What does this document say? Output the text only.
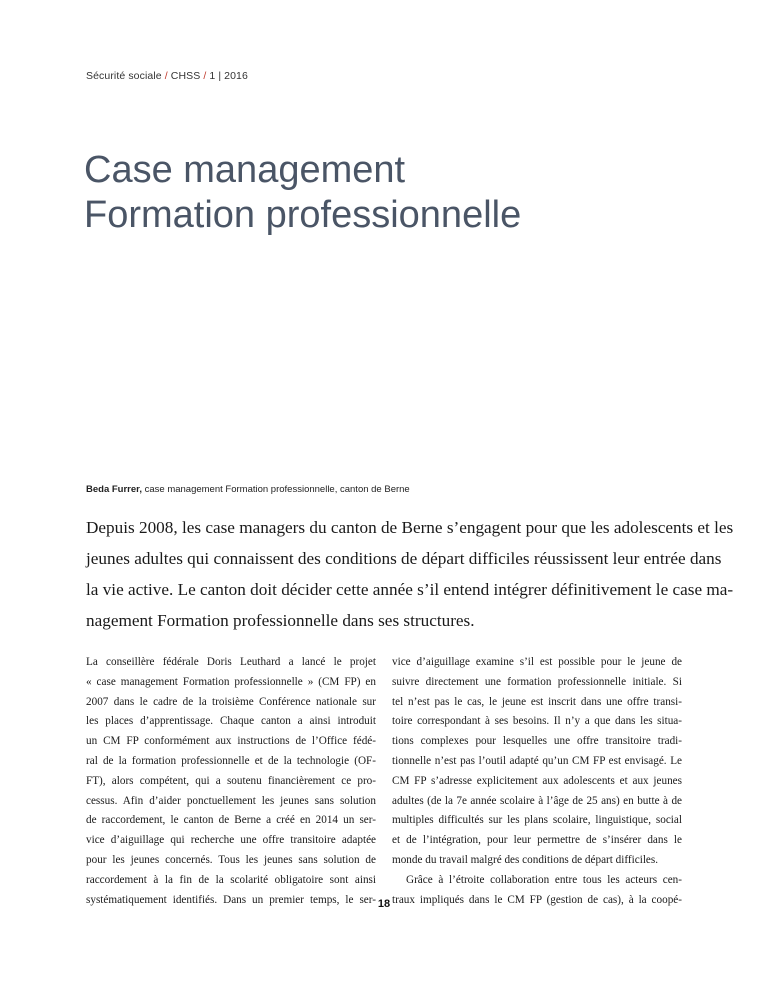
Sécurité sociale / CHSS / 1 | 2016
Case management
Formation professionnelle
Beda Furrer, case management Formation professionnelle, canton de Berne
Depuis 2008, les case managers du canton de Berne s’engagent pour que les adolescents et les
jeunes adultes qui connaissent des conditions de départ difficiles réussissent leur entrée dans
la vie active. Le canton doit décider cette année s’il entend intégrer définitivement le case ma-
nagement Formation professionnelle dans ses structures.
La conseillère fédérale Doris Leuthard a lancé le projet
« case management Formation professionnelle » (CM FP) en
2007 dans le cadre de la troisième Conférence nationale sur
les places d’apprentissage. Chaque canton a ainsi introduit
un CM FP conformément aux instructions de l’Office fédé-
ral de la formation professionnelle et de la technologie (OF-
FT), alors compétent, qui a soutenu financièrement ce pro-
cessus. Afin d’aider ponctuellement les jeunes sans solution
de raccordement, le canton de Berne a créé en 2014 un ser-
vice d’aiguillage qui recherche une offre transitoire adaptée
pour les jeunes concernés. Tous les jeunes sans solution de
raccordement à la fin de la scolarité obligatoire sont ainsi
systématiquement identifiés. Dans un premier temps, le ser-
vice d’aiguillage examine s’il est possible pour le jeune de
suivre directement une formation professionnelle initiale. Si
tel n’est pas le cas, le jeune est inscrit dans une offre transi-
toire correspondant à ses besoins. Il n’y a que dans les situa-
tions complexes pour lesquelles une offre transitoire tradi-
tionnelle n’est pas l’outil adapté qu’un CM FP est envisagé. Le
CM FP s’adresse explicitement aux adolescents et aux jeunes
adultes (de la 7e année scolaire à l’âge de 25 ans) en butte à de
multiples difficultés sur les plans scolaire, linguistique, social
et de l’intégration, pour leur permettre de s’insérer dans le
monde du travail malgré des conditions de départ difficiles.
Grâce à l’étroite collaboration entre tous les acteurs cen-
traux impliqués dans le CM FP (gestion de cas), à la coopé-
18
